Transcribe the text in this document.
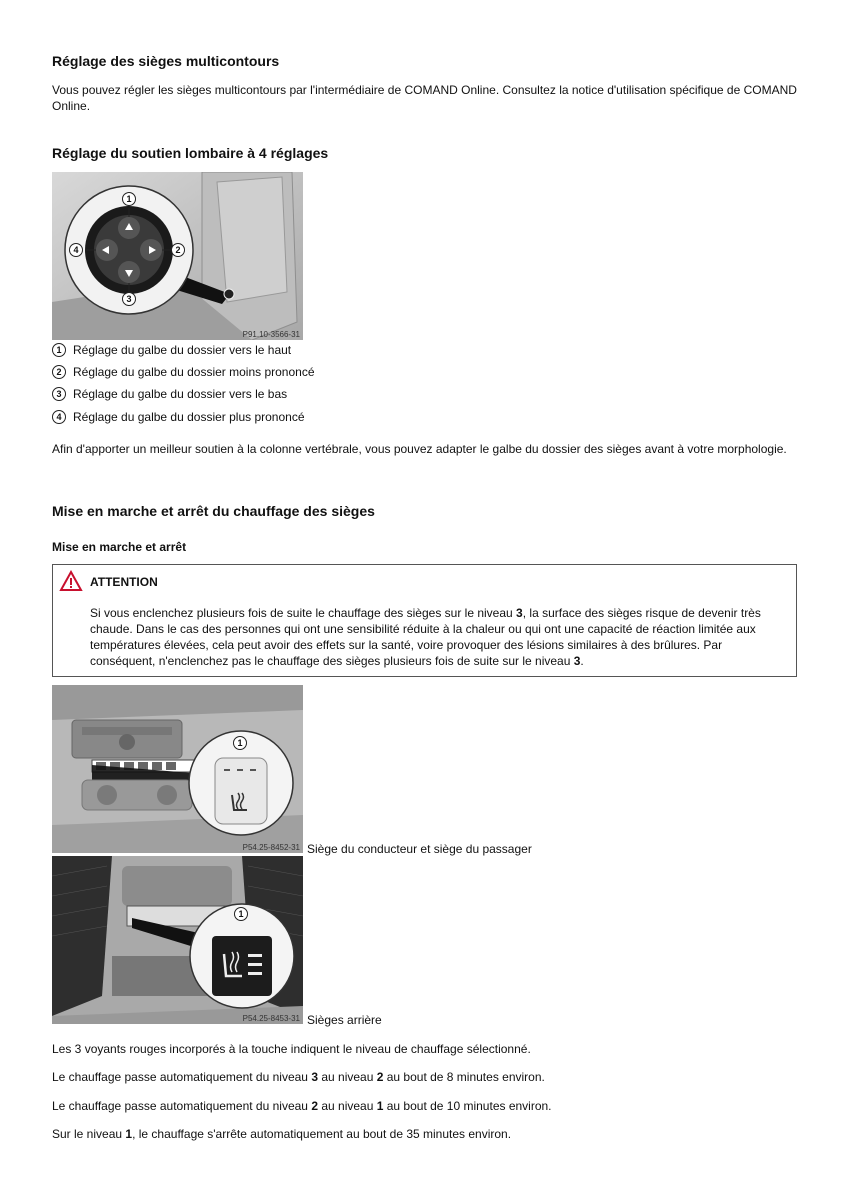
Réglage des sièges multicontours

Vous pouvez régler les sièges multicontours par l'intermédiaire de COMAND Online. Consultez la notice d'utilisation spécifique de COMAND Online.

Réglage du soutien lombaire à 4 réglages
1
2
3
4
P91.10-3566-31
1 Réglage du galbe du dossier vers le haut
2 Réglage du galbe du dossier moins prononcé
3 Réglage du galbe du dossier vers le bas
4 Réglage du galbe du dossier plus prononcé

Afin d'apporter un meilleur soutien à la colonne vertébrale, vous pouvez adapter le galbe du dossier des sièges avant à votre morphologie.

Mise en marche et arrêt du chauffage des sièges
Mise en marche et arrêt
ATTENTION
Si vous enclenchez plusieurs fois de suite le chauffage des sièges sur le niveau 3, la surface des sièges risque de devenir très chaude. Dans le cas des personnes qui ont une sensibilité réduite à la chaleur ou qui ont une capacité de réaction limitée aux températures élevées, cela peut avoir des effets sur la santé, voire provoquer des lésions similaires à des brûlures. Par conséquent, n'enclenchez pas le chauffage des sièges plusieurs fois de suite sur le niveau 3.
1
P54.25-8452-31 Siège du conducteur et siège du passager

1
P54.25-8453-31 Sièges arrière

Les 3 voyants rouges incorporés à la touche indiquent le niveau de chauffage sélectionné.

Le chauffage passe automatiquement du niveau 3 au niveau 2 au bout de 8 minutes environ.

Le chauffage passe automatiquement du niveau 2 au niveau 1 au bout de 10 minutes environ.

Sur le niveau 1, le chauffage s'arrête automatiquement au bout de 35 minutes environ.
